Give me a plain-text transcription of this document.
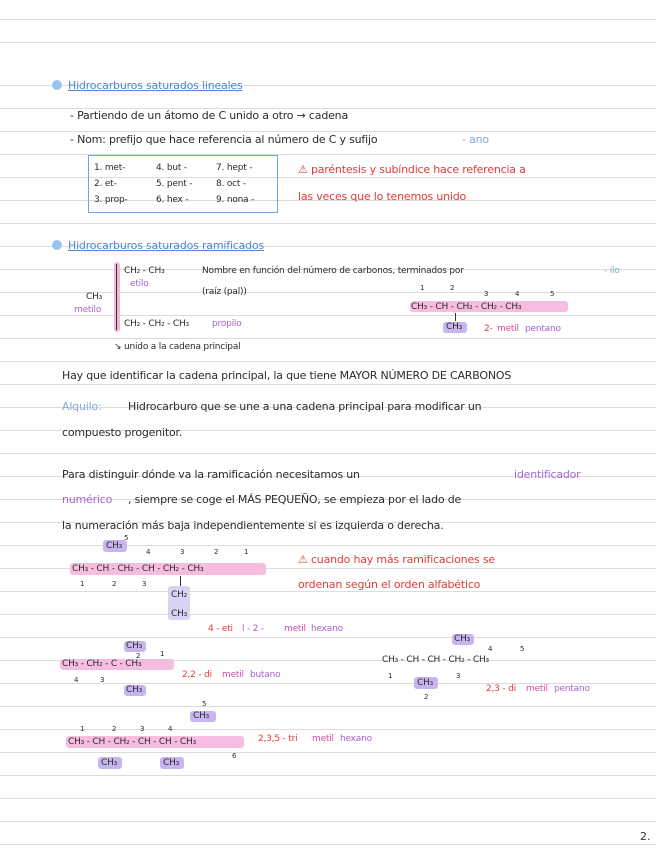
Hidrocarburos saturados lineales
- Partiendo de un átomo de C unido a otro → cadena
- Nom: prefijo que hace referencia al número de C y sufijo	- ano
1. met-
2. et-
3. prop-
4. but -
5. pent -
6. hex -
7. hept -
8. oct -
9. nona -
⚠ paréntesis y subíndice hace referencia a
las veces que lo tenemos unido
Hidrocarburos saturados ramificados
CH₂ - CH₃
etilo
CH₃
metilo
CH₂ - CH₂ - CH₃	propilo
Nombre en función del número de carbonos, terminados por	- ilo
(raíz (pal))
↘ unido a la cadena principal
1	2
3	4	5
CH₃ - CH - CH₂ - CH₂ - CH₃
CH₃ 2- metil pentano
Hay que identificar la cadena principal, la que tiene MAYOR NÚMERO DE CARBONOS
Alquilo: Hidrocarburo que se une a una cadena principal para modificar un
compuesto progenitor.
Para distinguir dónde va la ramificación necesitamos un	identificador
numérico , siempre se coge el MÁS PEQUEÑO, se empieza por el lado de
la numeración más baja independientemente si es izquierda o derecha.
⚠ cuando hay más ramificaciones se
ordenan según el orden alfabético
CH₃
5
4	3	2	1
CH₃ - CH - CH₂ - CH - CH₂ - CH₃
1	2	3
CH₂
CH₃
4 - eti l - 2 - metil hexano
CH₃
CH₃ - CH₂ - C - CH₃
4	3
2	1
CH₃
2,2 - di metil butano
CH₃
CH₃ - CH - CH - CH₂ - CH₃
1
2
3
4	5
CH₃
2,3 - di metil pentano
5
CH₃
1	2	3	4
CH₃ - CH - CH₂ - CH - CH - CH₃
6
CH₃	CH₃
2,3,5 - tri metil hexano
2.
